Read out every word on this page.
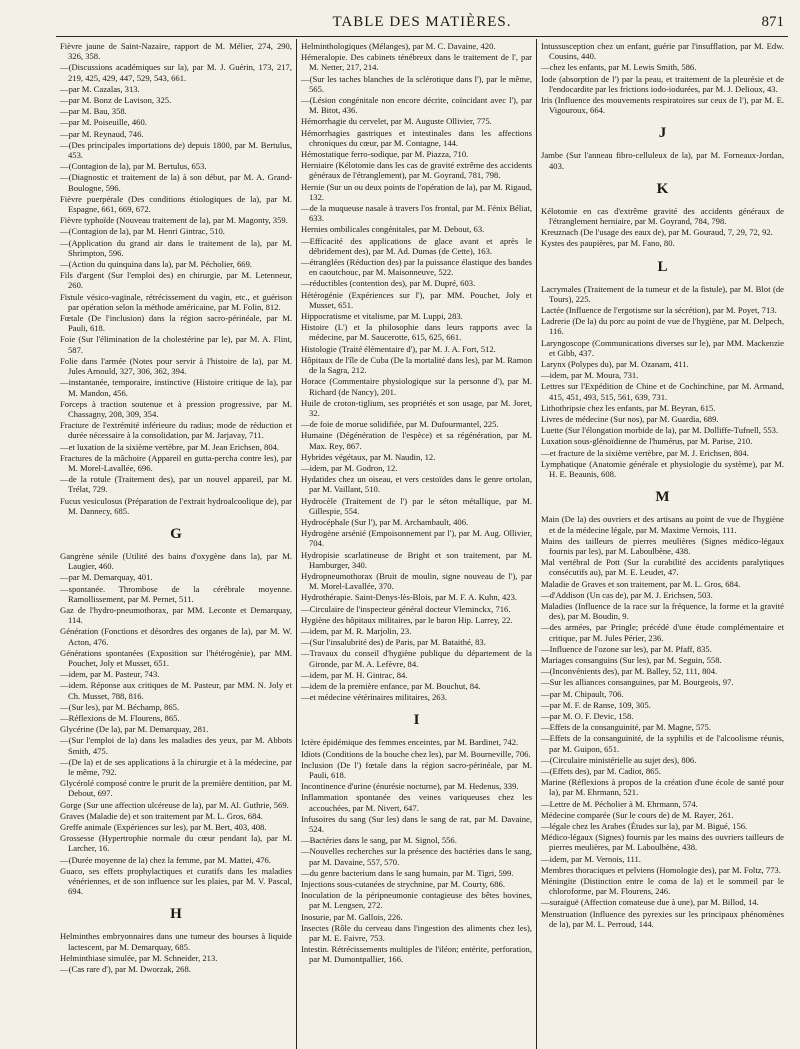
TABLE DES MATIÈRES.	871
Fièvre jaune de Saint-Nazaire, rapport de M. Mélier, 274, 290, 326, 358.
—(Discussions académiques sur la), par M. J. Guérin, 173, 217, 219, 425, 429, 447, 529, 543, 661.
—par M. Cazalas, 313.
—par M. Bonz de Lavison, 325.
—par M. Bau, 358.
—par M. Poiseuille, 460.
—par M. Reynaud, 746.
—(Des principales importations de) depuis 1800, par M. Bertulus, 453.
—(Contagion de la), par M. Bertulus, 653.
—(Diagnostic et traitement de la) à son début, par M. A. Grand-Boulogne, 596.
Fièvre puerpérale (Des conditions étiologiques de la), par M. Espagne, 661, 669, 672.
Fièvre typhoïde (Nouveau traitement de la), par M. Magonty, 359.
—(Contagion de la), par M. Henri Gintrac, 510.
—(Application du grand air dans le traitement de la), par M. Shrimpton, 596.
—(Action du quinquina dans la), par M. Pécholier, 669.
Fils d'argent (Sur l'emploi des) en chirurgie, par M. Letenneur, 260.
Fistule vésico-vaginale, rétrécissement du vagin, etc., et guérison par opération selon la méthode américaine, par M. Folin, 812.
Fœtale (De l'inclusion) dans la région sacro-périnéale, par M. Pauli, 618.
Foie (Sur l'élimination de la cholestérine par le), par M. A. Flint, 587.
Folie dans l'armée (Notes pour servir à l'histoire de la), par M. Jules Arnould, 327, 306, 362, 394.
—instantanée, temporaire, instinctive (Histoire critique de la), par M. Mandon, 456.
Forceps à traction soutenue et à pression progressive, par M. Chassagny, 208, 309, 354.
Fracture de l'extrémité inférieure du radius; mode de réduction et durée nécessaire à la consolidation, par M. Jarjavay, 711.
—et luxation de la sixième vertèbre, par M. Jean Erichsen, 804.
Fractures de la mâchoire (Appareil en gutta-percha contre les), par M. Morel-Lavallée, 696.
—de la rotule (Traitement des), par un nouvel appareil, par M. Trélat, 729.
Fucus vesiculosus (Préparation de l'extrait hydroalcoolique de), par M. Dannecy, 685.
G
Gangrène sénile (Utilité des bains d'oxygène dans la), par M. Laugier, 460.
—par M. Demarquay, 401.
—spontanée. Thrombose de la cérébrale moyenne. Ramollissement, par M. Pernet, 511.
Gaz de l'hydro-pneumothorax, par MM. Leconte et Demarquay, 114.
Génération (Fonctions et désordres des organes de la), par M. W. Acton, 476.
Générations spontanées (Exposition sur l'hétérogénie), par MM. Pouchet, Joly et Musset, 651.
—idem, par M. Pasteur, 743.
—idem. Réponse aux critiques de M. Pasteur, par MM. N. Joly et Ch. Musset, 788, 816.
—(Sur les), par M. Béchamp, 865.
—Réflexions de M. Flourens, 865.
Glycérine (De la), par M. Demarquay, 281.
—(Sur l'emploi de la) dans les maladies des yeux, par M. Abbots Smith, 475.
—(De la) et de ses applications à la chirurgie et à la médecine, par le même, 792.
Glycérolé composé contre le prurit de la première dentition, par M. Debout, 697.
Gorge (Sur une affection ulcéreuse de la), par M. Al. Guthrie, 569.
Graves (Maladie de) et son traitement par M. L. Gros, 684.
Greffe animale (Expériences sur les), par M. Bert, 403, 408.
Grossesse (Hypertrophie normale du cœur pendant la), par M. Larcher, 16.
—(Durée moyenne de la) chez la femme, par M. Mattei, 476.
Guaco, ses effets prophylactiques et curatifs dans les maladies vénériennes, et de son influence sur les plaies, par M. V. Pascal, 694.
H
Helminthes embryonnaires dans une tumeur des bourses à liquide lactescent, par M. Demarquay, 685.
Helminthiase simulée, par M. Schneider, 213.
—(Cas rare d'), par M. Dworzak, 268.
Helminthologiques (Mélanges), par M. C. Davaine, 420.
Hémeralopie. Des cabinets ténébreux dans le traitement de l', par M. Netter, 217, 214.
—(Sur les taches blanches de la sclérotique dans l'), par le même, 565.
—(Lésion congénitale non encore décrite, coïncidant avec l'), par M. Bitot, 436.
Hémorrhagie du cervelet, par M. Auguste Ollivier, 775.
Hémorrhagies gastriques et intestinales dans les affections chroniques du cœur, par M. Contagne, 144.
Hémostatique ferro-sodique, par M. Piazza, 710.
Herniaire (Kélotomie dans les cas de gravité extrême des accidents généraux de l'étranglement), par M. Goyrand, 781, 798.
Hernie (Sur un ou deux points de l'opération de la), par M. Rigaud, 132.
—de la muqueuse nasale à travers l'os frontal, par M. Fénix Béliat, 633.
Hernies ombilicales congénitales, par M. Debout, 63.
—Efficacité des applications de glace avant et après le débridement des), par M. Ad. Dumas (de Cette), 163.
—étranglées (Réduction des) par la puissance élastique des bandes en caoutchouc, par M. Maisonneuve, 522.
—réductibles (contention des), par M. Dupré, 603.
Hétérogénie (Expériences sur l'), par MM. Pouchet, Joly et Musset, 651.
Hippocratisme et vitalisme, par M. Luppi, 283.
Histoire (L') et la philosophie dans leurs rapports avec la médecine, par M. Saucerotte, 615, 625, 661.
Histologie (Traité élémentaire d'), par M. J. A. Fort, 512.
Hôpitaux de l'île de Cuba (De la mortalité dans les), par M. Ramon de la Sagra, 212.
Horace (Commentaire physiologique sur la personne d'), par M. Richard (de Nancy), 201.
Huile de croton-tiglium, ses propriétés et son usage, par M. Joret, 32.
—de foie de morue solidifiée, par M. Dufourmantel, 225.
Humaine (Dégénération de l'espèce) et sa régénération, par M. Max. Rey, 867.
Hybrides végétaux, par M. Naudin, 12.
—idem, par M. Godron, 12.
Hydatides chez un oiseau, et vers cestoïdes dans le genre ortolan, par M. Vaillant, 510.
Hydrocèle (Traitement de l') par le séton métallique, par M. Gillespie, 554.
Hydrocéphale (Sur l'), par M. Archambault, 406.
Hydrogène arsénié (Empoisonnement par l'), par M. Aug. Ollivier, 704.
Hydropisie scarlatineuse de Bright et son traitement, par M. Hamburger, 340.
Hydropneumothorax (Bruit de moulin, signe nouveau de l'), par M. Morel-Lavallée, 370.
Hydrothérapie. Saint-Denys-lès-Blois, par M. F. A. Kuhn, 423.
—Circulaire de l'inspecteur général docteur Vleminckx, 716.
Hygiène des hôpitaux militaires, par le baron Hip. Larrey, 22.
—idem, par M. R. Marjolin, 23.
—(Sur l'insalubrité des) de Paris, par M. Bataithé, 83.
—Travaux du conseil d'hygiène publique du département de la Gironde, par M. A. Lefèvre, 84.
—idem, par M. H. Gintrac, 84.
—idem de la première enfance, par M. Bouchut, 84.
—et médecine vétérinaires militaires, 263.
I
Ictère épidémique des femmes enceintes, par M. Bardinet, 742.
Idiots (Conditions de la bouche chez les), par M. Bourneville, 706.
Inclusion (De l') fœtale dans la région sacro-périnéale, par M. Pauli, 618.
Incontinence d'urine (énurésie nocturne), par M. Hedenus, 339.
Inflammation spontanée des veines variqueuses chez les accouchées, par M. Nivert, 647.
Infusoires du sang (Sur les) dans le sang de rat, par M. Davaine, 524.
—Bactéries dans le sang, par M. Signol, 556.
—Nouvelles recherches sur la présence des bactéries dans le sang, par M. Davaine, 557, 570.
—du genre bacterium dans le sang humain, par M. Tigri, 599.
Injections sous-cutanées de strychnine, par M. Courty, 686.
Inoculation de la péripneumonie contagieuse des bêtes bovines, par M. Lengsen, 272.
Inosurie, par M. Gallois, 226.
Insectes (Rôle du cerveau dans l'ingestion des aliments chez les), par M. E. Faivre, 753.
Intestin. Rétrécissements multiples de l'iléon; entérite, perforation, par M. Dumontpallier, 166.
Intussusception chez un enfant, guérie par l'insufflation, par M. Edw. Cousins, 440.
—chez les enfants, par M. Lewis Smith, 586.
Iode (absorption de l') par la peau, et traitement de la pleurésie et de l'endocardite par les frictions iodo-iodurées, par M. J. Delioux, 43.
Iris (Influence des mouvements respiratoires sur ceux de l'), par M. E. Vigouroux, 664.
J
Jambe (Sur l'anneau fibro-celluleux de la), par M. Forneaux-Jordan, 403.
K
Kélotomie en cas d'extrême gravité des accidents généraux de l'étranglement herniaire, par M. Goyrand, 784, 798.
Kreuznach (De l'usage des eaux de), par M. Gouraud, 7, 29, 72, 92.
Kystes des paupières, par M. Fano, 80.
L
Lacrymales (Traitement de la tumeur et de la fistule), par M. Blot (de Tours), 225.
Lactée (Influence de l'ergotisme sur la sécrétion), par M. Poyet, 713.
Ladrerie (De la) du porc au point de vue de l'hygiène, par M. Delpech, 116.
Laryngoscope (Communications diverses sur le), par MM. Mackenzie et Gibb, 437.
Larynx (Polypes du), par M. Ozanam, 411.
—idem, par M. Moura, 731.
Lettres sur l'Expédition de Chine et de Cochinchine, par M. Armand, 415, 451, 493, 515, 561, 639, 731.
Lithothripsie chez les enfants, par M. Beyran, 615.
Livres de médecine (Sur nos), par M. Guardia, 689.
Luette (Sur l'élongation morbide de la), par M. Dolliffe-Tufnell, 553.
Luxation sous-glénoïdienne de l'humérus, par M. Parise, 210.
—et fracture de la sixième vertèbre, par M. J. Erichsen, 804.
Lymphatique (Anatomie générale et physiologie du système), par M. H. E. Beaunis, 608.
M
Main (De la) des ouvriers et des artisans au point de vue de l'hygiène et de la médecine légale, par M. Maxime Vernois, 111.
Mains des tailleurs de pierres meulières (Signes médico-légaux fournis par les), par M. Laboulbène, 438.
Mal vertébral de Pott (Sur la curabilité des accidents paralytiques consécutifs au), par M. E. Leudet, 47.
Maladie de Graves et son traitement, par M. L. Gros, 684.
—d'Addison (Un cas de), par M. J. Erichsen, 503.
Maladies (Influence de la race sur la fréquence, la forme et la gravité des), par M. Boudin, 9.
—des armées, par Pringle; précédé d'une étude complémentaire et critique, par M. Jules Périer, 236.
—Influence de l'ozone sur les), par M. Pfaff, 835.
Mariages consanguins (Sur les), par M. Seguin, 558.
—(Inconvénients des), par M. Balley, 52, 111, 804.
—Sur les alliances consanguines, par M. Bourgeois, 97.
—par M. Chipault, 706.
—par M. F. de Ranse, 109, 305.
—par M. O. F. Devic, 158.
—Effets de la consanguinité, par M. Magne, 575.
—Effets de la consanguinité, de la syphilis et de l'alcoolisme réunis, par M. Guipon, 651.
—(Circulaire ministérielle au sujet des), 806.
—(Effets des), par M. Cadiot, 865.
Marine (Réflexions à propos de la création d'une école de santé pour la), par M. Ehrmann, 521.
—Lettre de M. Pécholier à M. Ehrmann, 574.
Médecine comparée (Sur le cours de) de M. Rayer, 261.
—légale chez les Arabes (Études sur la), par M. Bigué, 156.
Médico-légaux (Signes) fournis par les mains des ouvriers tailleurs de pierres meulières, par M. Laboulbène, 438.
—idem, par M. Vernois, 111.
Membres thoraciques et pelviens (Homologie des), par M. Foltz, 773.
Méningite (Distinction entre le coma de la) et le sommeil par le chloroforme, par M. Flourens, 246.
—suraiguë (Affection comateuse due à une), par M. Billod, 14.
Menstruation (Influence des pyrexies sur les principaux phénomènes de la), par M. L. Perroud, 144.
